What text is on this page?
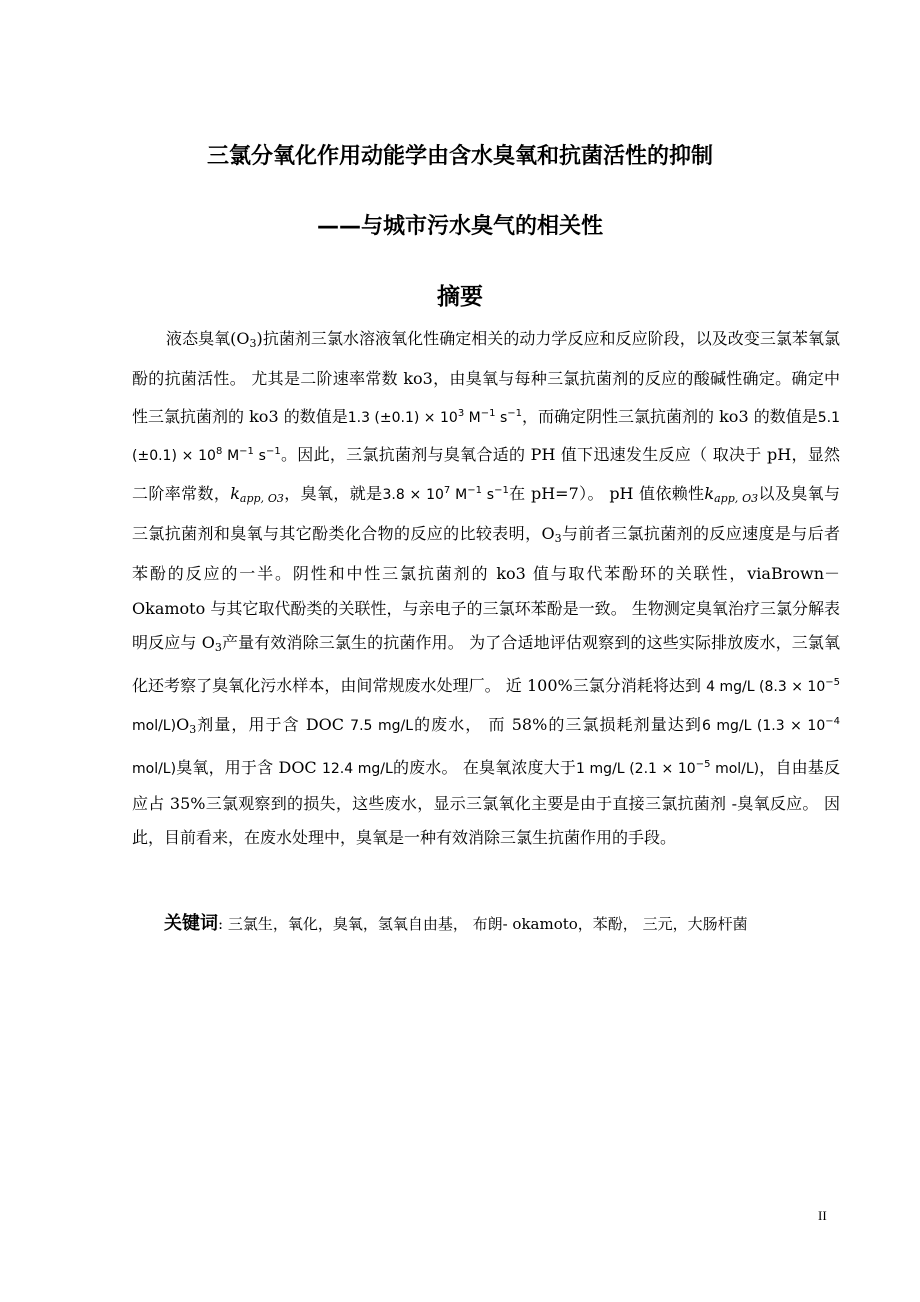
三氯分氧化作用动能学由含水臭氧和抗菌活性的抑制
——与城市污水臭气的相关性
摘要

液态臭氧$(O_3)$抗菌剂三氯水溶液氧化性确定相关的动力学反应和反应阶段，以及改变三氯苯氧氯酚的抗菌活性。 尤其是二阶速率常数 ko3，由臭氧与每种三氯抗菌剂的反应的酸碱性确定。确定中性三氯抗菌剂的 ko3 的数值是1.3 $(\pm 0.1) \times 10^3$ $M^{-1}$ $s^{-1}$，而确定阴性三氯抗菌剂的 ko3 的数值是5.1 $(\pm 0.1) \times 10^8$ $M^{-1}$ $s^{-1}$。因此，三氯抗菌剂与臭氧合适的 PH 值下迅速发生反应（ 取决于 pH，显然二阶率常数，$k_{app, O3}$，臭氧，就是$3.8 \times 10^7$ $M^{-1}$ $s^{-1}$在 pH=7）。 pH 值依赖性$k_{app, O3}$以及臭氧与三氯抗菌剂和臭氧与其它酚类化合物的反应的比较表明，$O_3$与前者三氯抗菌剂的反应速度是与后者苯酚的反应的一半。阴性和中性三氯抗菌剂的 ko3 值与取代苯酚环的关联性，viaBrown－Okamoto 与其它取代酚类的关联性，与亲电子的三氯环苯酚是一致。 生物测定臭氧治疗三氯分解表明反应与 $O_3$产量有效消除三氯生的抗菌作用。 为了合适地评估观察到的这些实际排放废水，三氯氧化还考察了臭氧化污水样本，由间常规废水处理厂。 近 100%三氯分消耗将达到 4 mg/L ($8.3 \times 10^{-5}$ mol/$L)O_3$剂量，用于含 DOC 7.5 mg/L的废水， 而 58%的三氯损耗剂量达到6 mg/L ($1.3 \times 10^{-4}$ mol/L)臭氧，用于含 DOC 12.4 mg/L的废水。 在臭氧浓度大于1 mg/L ($2.1 \times 10^{-5}$ mol/L)，自由基反应占 35%三氯观察到的损失，这些废水，显示三氯氧化主要是由于直接三氯抗菌剂 -臭氧反应。 因此，目前看来，在废水处理中，臭氧是一种有效消除三氯生抗菌作用的手段。

关键词: 三氯生，氧化，臭氧，氢氧自由基， 布朗- okamoto，苯酚， 三元，大肠杆菌

II
